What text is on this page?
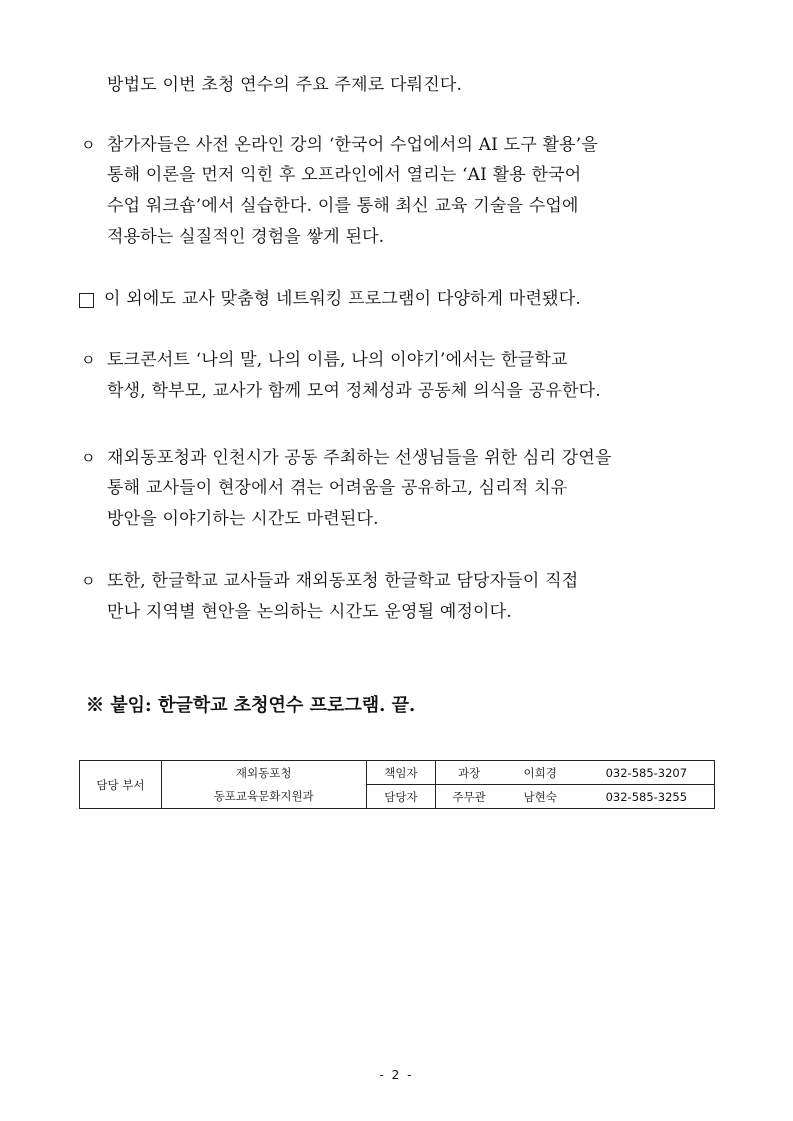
방법도 이번 초청 연수의 주요 주제로 다뤄진다.
ㅇ 참가자들은 사전 온라인 강의 ‘한국어 수업에서의 AI 도구 활용’을
통해 이론을 먼저 익힌 후 오프라인에서 열리는 ‘AI 활용 한국어
수업 워크숍’에서 실습한다. 이를 통해 최신 교육 기술을 수업에
적용하는 실질적인 경험을 쌓게 된다.
이 외에도 교사 맞춤형 네트워킹 프로그램이 다양하게 마련됐다.
ㅇ 토크콘서트 ‘나의 말, 나의 이름, 나의 이야기’에서는 한글학교
학생, 학부모, 교사가 함께 모여 정체성과 공동체 의식을 공유한다.
ㅇ 재외동포청과 인천시가 공동 주최하는 선생님들을 위한 심리 강연을
통해 교사들이 현장에서 겪는 어려움을 공유하고, 심리적 치유
방안을 이야기하는 시간도 마련된다.
ㅇ 또한, 한글학교 교사들과 재외동포청 한글학교 담당자들이 직접
만나 지역별 현안을 논의하는 시간도 운영될 예정이다.
※ 붙임: 한글학교 초청연수 프로그램. 끝.
담당 부서	재외동포청	책임자	과장	이희경	032-585-3207
	동포교육문화지원과	담당자	주무관	남현숙	032-585-3255
- 2 -
